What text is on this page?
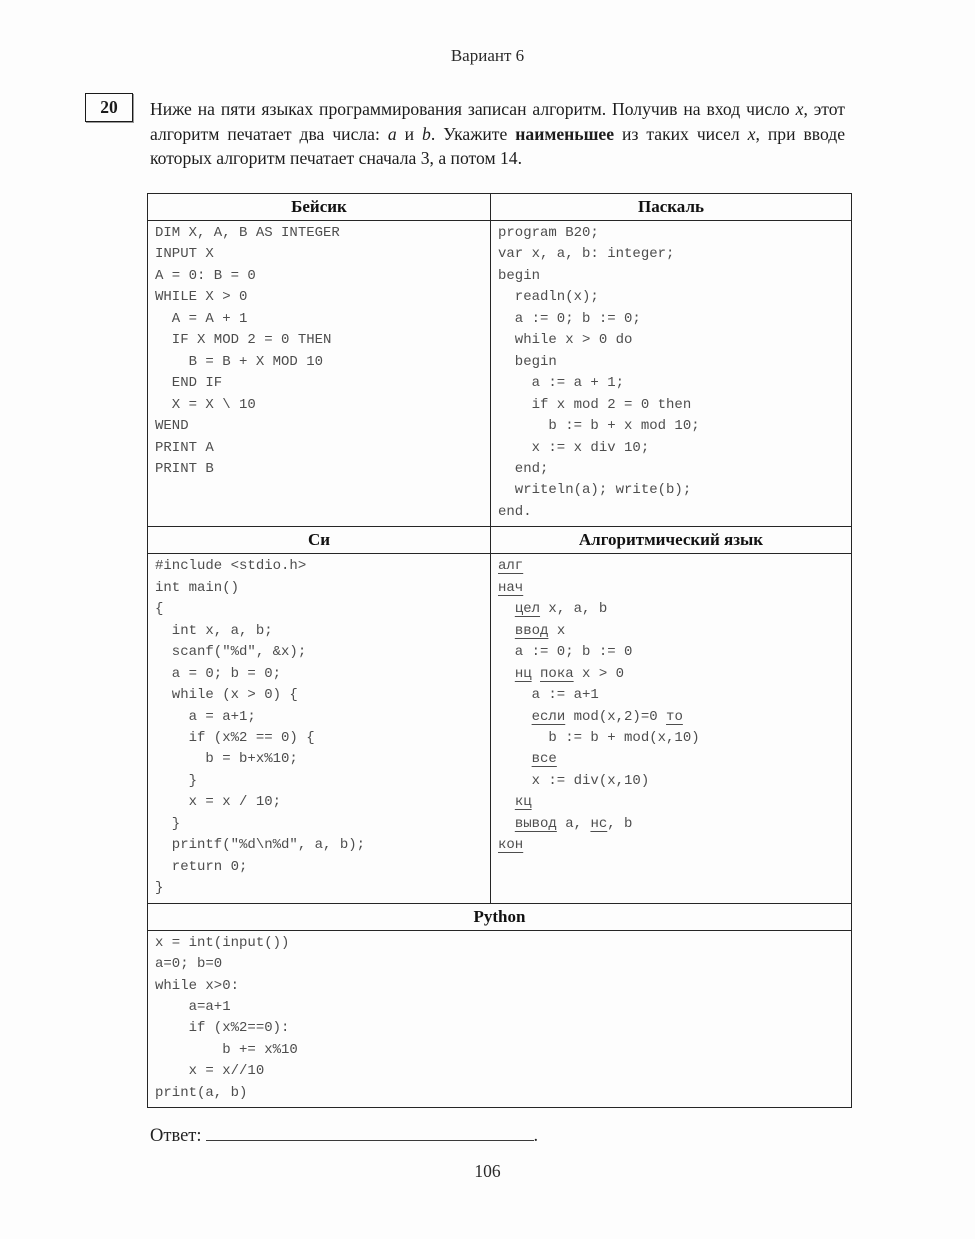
Вариант 6
20 Ниже на пяти языках программирования записан алгоритм. Получив на вход число x, этот алгоритм печатает два числа: a и b. Укажите наименьшее из таких чисел x, при вводе которых алгоритм печатает сначала 3, а потом 14.
Бейсик	Паскаль

DIM X, A, B AS INTEGER
INPUT X
A = 0: B = 0
WHILE X > 0
A = A + 1
IF X MOD 2 = 0 THEN
B = B + X MOD 10
END IF
X = X \ 10
WEND
PRINT A
PRINT B

program B20;
var x, a, b: integer;
begin
readln(x);
a := 0; b := 0;
while x > 0 do
begin
a := a + 1;
if x mod 2 = 0 then
b := b + x mod 10;
x := x div 10;
end;
writeln(a); write(b);
end.

Си	Алгоритмический язык

#include <stdio.h>
int main()
{
int x, a, b;
scanf("%d", &x);
a = 0; b = 0;
while (x > 0) {
a = a+1;
if (x%2 == 0) {
b = b+x%10;
}
x = x / 10;
}
printf("%d\n%d", a, b);
return 0;
}

алг
нач
цел x, a, b
ввод x
a := 0; b := 0
нц пока x > 0
a := a+1
если mod(x,2)=0 то
b := b + mod(x,10)
все
x := div(x,10)
кц
вывод a, нс, b
кон

Python	

x = int(input())
a=0; b=0
while x>0:
a=a+1
if (x%2==0):
b += x%10
x = x//10
print(a, b)
Ответ:	.
106
